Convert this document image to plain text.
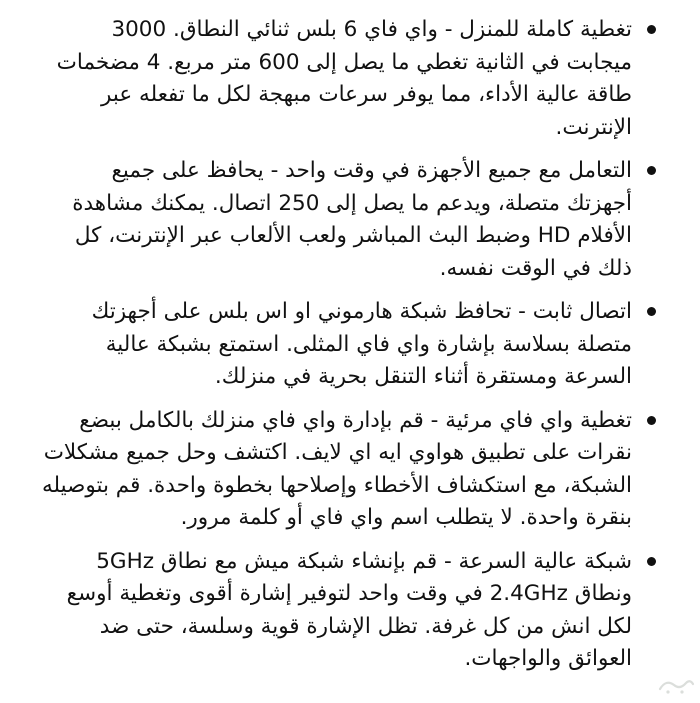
تغطية كاملة للمنزل - واي فاي 6 بلس ثنائي النطاق. 3000 ميجابت في الثانية تغطي ما يصل إلى 600 متر مربع. 4 مضخمات طاقة عالية الأداء، مما يوفر سرعات مبهجة لكل ما تفعله عبر الإنترنت.
التعامل مع جميع الأجهزة في وقت واحد - يحافظ على جميع أجهزتك متصلة، ويدعم ما يصل إلى 250 اتصال. يمكنك مشاهدة الأفلام HD وضبط البث المباشر ولعب الألعاب عبر الإنترنت، كل ذلك في الوقت نفسه.
اتصال ثابت - تحافظ شبكة هارموني او اس بلس على أجهزتك متصلة بسلاسة بإشارة واي فاي المثلى. استمتع بشبكة عالية السرعة ومستقرة أثناء التنقل بحرية في منزلك.
تغطية واي فاي مرئية - قم بإدارة واي فاي منزلك بالكامل ببضع نقرات على تطبيق هواوي ايه اي لايف. اكتشف وحل جميع مشكلات الشبكة، مع استكشاف الأخطاء وإصلاحها بخطوة واحدة. قم بتوصيله بنقرة واحدة. لا يتطلب اسم واي فاي أو كلمة مرور.
شبكة عالية السرعة - قم بإنشاء شبكة ميش مع نطاق 5GHz ونطاق 2.4GHz في وقت واحد لتوفير إشارة أقوى وتغطية أوسع لكل انش من كل غرفة. تظل الإشارة قوية وسلسة، حتى ضد العوائق والواجهات.
